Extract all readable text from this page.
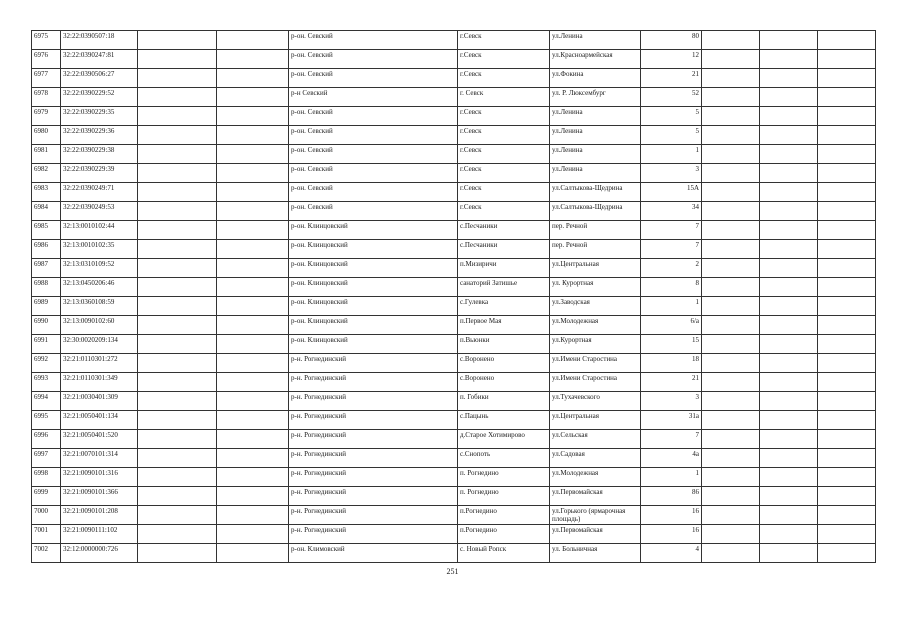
6975	32:22:0390507:18			р-он. Севский	г.Севск	ул.Ленина	80			
6976	32:22:0390247:81			р-он. Севский	г.Севск	ул.Красноармейская	12			
6977	32:22:0390506:27			р-он. Севский	г.Севск	ул.Фокина	21			
6978	32:22:0390229:52			р-н Севский	г. Севск	ул. Р. Люксембург	52			
6979	32:22:0390229:35			р-он. Севский	г.Севск	ул.Ленина	5			
6980	32:22:0390229:36			р-он. Севский	г.Севск	ул.Ленина	5			
6981	32:22:0390229:38			р-он. Севский	г.Севск	ул.Ленина	1			
6982	32:22:0390229:39			р-он. Севский	г.Севск	ул.Ленина	3			
6983	32:22:0390249:71			р-он. Севский	г.Севск	ул.Салтыкова-Щедрина	15А			
6984	32:22:0390249:53			р-он. Севский	г.Севск	ул.Салтыкова-Щедрина	34			
6985	32:13:0010102:44			р-он. Клинцовский	с.Песчаники	пер. Речной	7			
6986	32:13:0010102:35			р-он. Клинцовский	с.Песчаники	пер. Речной	7			
6987	32:13:0310109:52			р-он. Клинцовский	п.Мизиричи	ул.Центральная	2			
6988	32:13:0450206:46			р-он. Клинцовский	санаторий Затишье	ул. Курортная	8			
6989	32:13:0360108:59			р-он. Клинцовский	с.Гулевка	ул.Заводская	1			
6990	32:13:0090102:60			р-он. Клинцовский	п.Первое Мая	ул.Молодежная	6/а			
6991	32:30:0020209:134			р-он. Клинцовский	п.Вьюнки	ул.Курортная	15			
6992	32:21:0110301:272			р-н. Рогнединский	с.Воронено	ул.Имени Старостина	18			
6993	32:21:0110301:349			р-н. Рогнединский	с.Воронено	ул.Имени Старостина	21			
6994	32:21:0030401:309			р-н. Рогнединский	п. Гобики	ул.Тухачевского	3			
6995	32:21:0050401:134			р-н. Рогнединский	с.Пацынь	ул.Центральная	31а			
6996	32:21:0050401:520			р-н. Рогнединский	д.Старое Хотимирово	ул.Сельская	7			
6997	32:21:0070101:314			р-н. Рогнединский	с.Снопоть	ул.Садовая	4а			
6998	32:21:0090101:316			р-н. Рогнединский	п. Рогнедино	ул.Молодежная	1			
6999	32:21:0090101:366			р-н. Рогнединский	п. Рогнедино	ул.Первомайская	86			
7000	32:21:0090101:208			р-н. Рогнединский	п.Рогнедино	ул.Горького (ярмарочная площадь)	16			
7001	32:21:0090111:102			р-н. Рогнединский	п.Рогнедино	ул.Первомайская	16			
7002	32:12:0000000:726			р-он. Климовский	с. Новый Ропск	ул. Больничная	4			
251
